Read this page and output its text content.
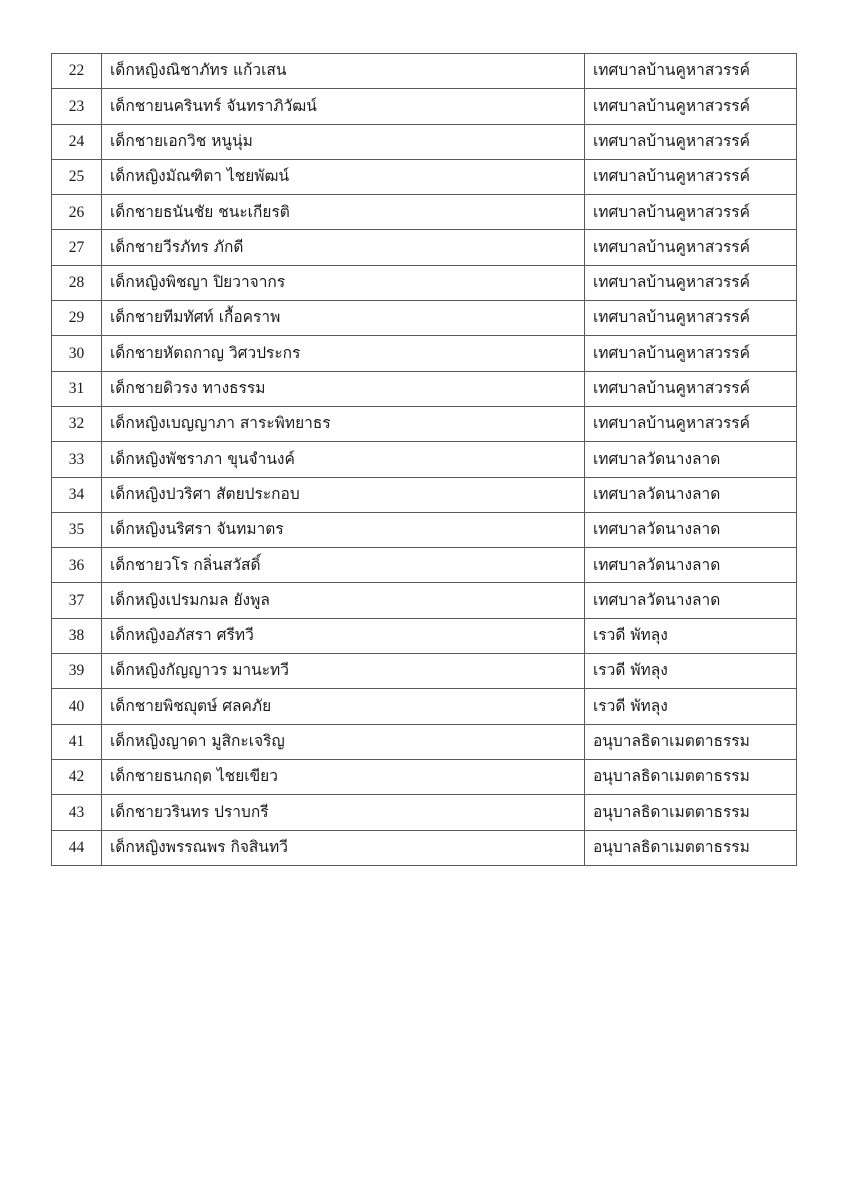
22	เด็กหญิงณิชาภัทร แก้วเสน	เทศบาลบ้านคูหาสวรรค์
23	เด็กชายนครินทร์ จันทราภิวัฒน์	เทศบาลบ้านคูหาสวรรค์
24	เด็กชายเอกวิช หนูนุ่ม	เทศบาลบ้านคูหาสวรรค์
25	เด็กหญิงมัณฑิตา ไชยพัฒน์	เทศบาลบ้านคูหาสวรรค์
26	เด็กชายธนันชัย ชนะเกียรติ	เทศบาลบ้านคูหาสวรรค์
27	เด็กชายวีรภัทร ภักดี	เทศบาลบ้านคูหาสวรรค์
28	เด็กหญิงพิชญา ปิยวาจากร	เทศบาลบ้านคูหาสวรรค์
29	เด็กชายทีมทัศท์ เกื้อคราพ	เทศบาลบ้านคูหาสวรรค์
30	เด็กชายหัตถกาญ วิศวประกร	เทศบาลบ้านคูหาสวรรค์
31	เด็กชายดิวรง ทางธรรม	เทศบาลบ้านคูหาสวรรค์
32	เด็กหญิงเบญญาภา สาระพิทยาธร	เทศบาลบ้านคูหาสวรรค์
33	เด็กหญิงพัชราภา ขุนจำนงค์	เทศบาลวัดนางลาด
34	เด็กหญิงปวริศา สัตยประกอบ	เทศบาลวัดนางลาด
35	เด็กหญิงนริศรา จันทมาตร	เทศบาลวัดนางลาด
36	เด็กชายวโร กลิ่นสวัสดิ์	เทศบาลวัดนางลาด
37	เด็กหญิงเปรมกมล ยังพูล	เทศบาลวัดนางลาด
38	เด็กหญิงอภัสรา ศรีทวี	เรวดี พัทลุง
39	เด็กหญิงกัญญาวร มานะทวี	เรวดี พัทลุง
40	เด็กชายพิชญุตษ์ ศลคภัย	เรวดี พัทลุง
41	เด็กหญิงญาดา มูสิกะเจริญ	อนุบาลธิดาเมตตาธรรม
42	เด็กชายธนกฤต ไชยเขียว	อนุบาลธิดาเมตตาธรรม
43	เด็กชายวรินทร ปราบกรี	อนุบาลธิดาเมตตาธรรม
44	เด็กหญิงพรรณพร กิจสินทวี	อนุบาลธิดาเมตตาธรรม
